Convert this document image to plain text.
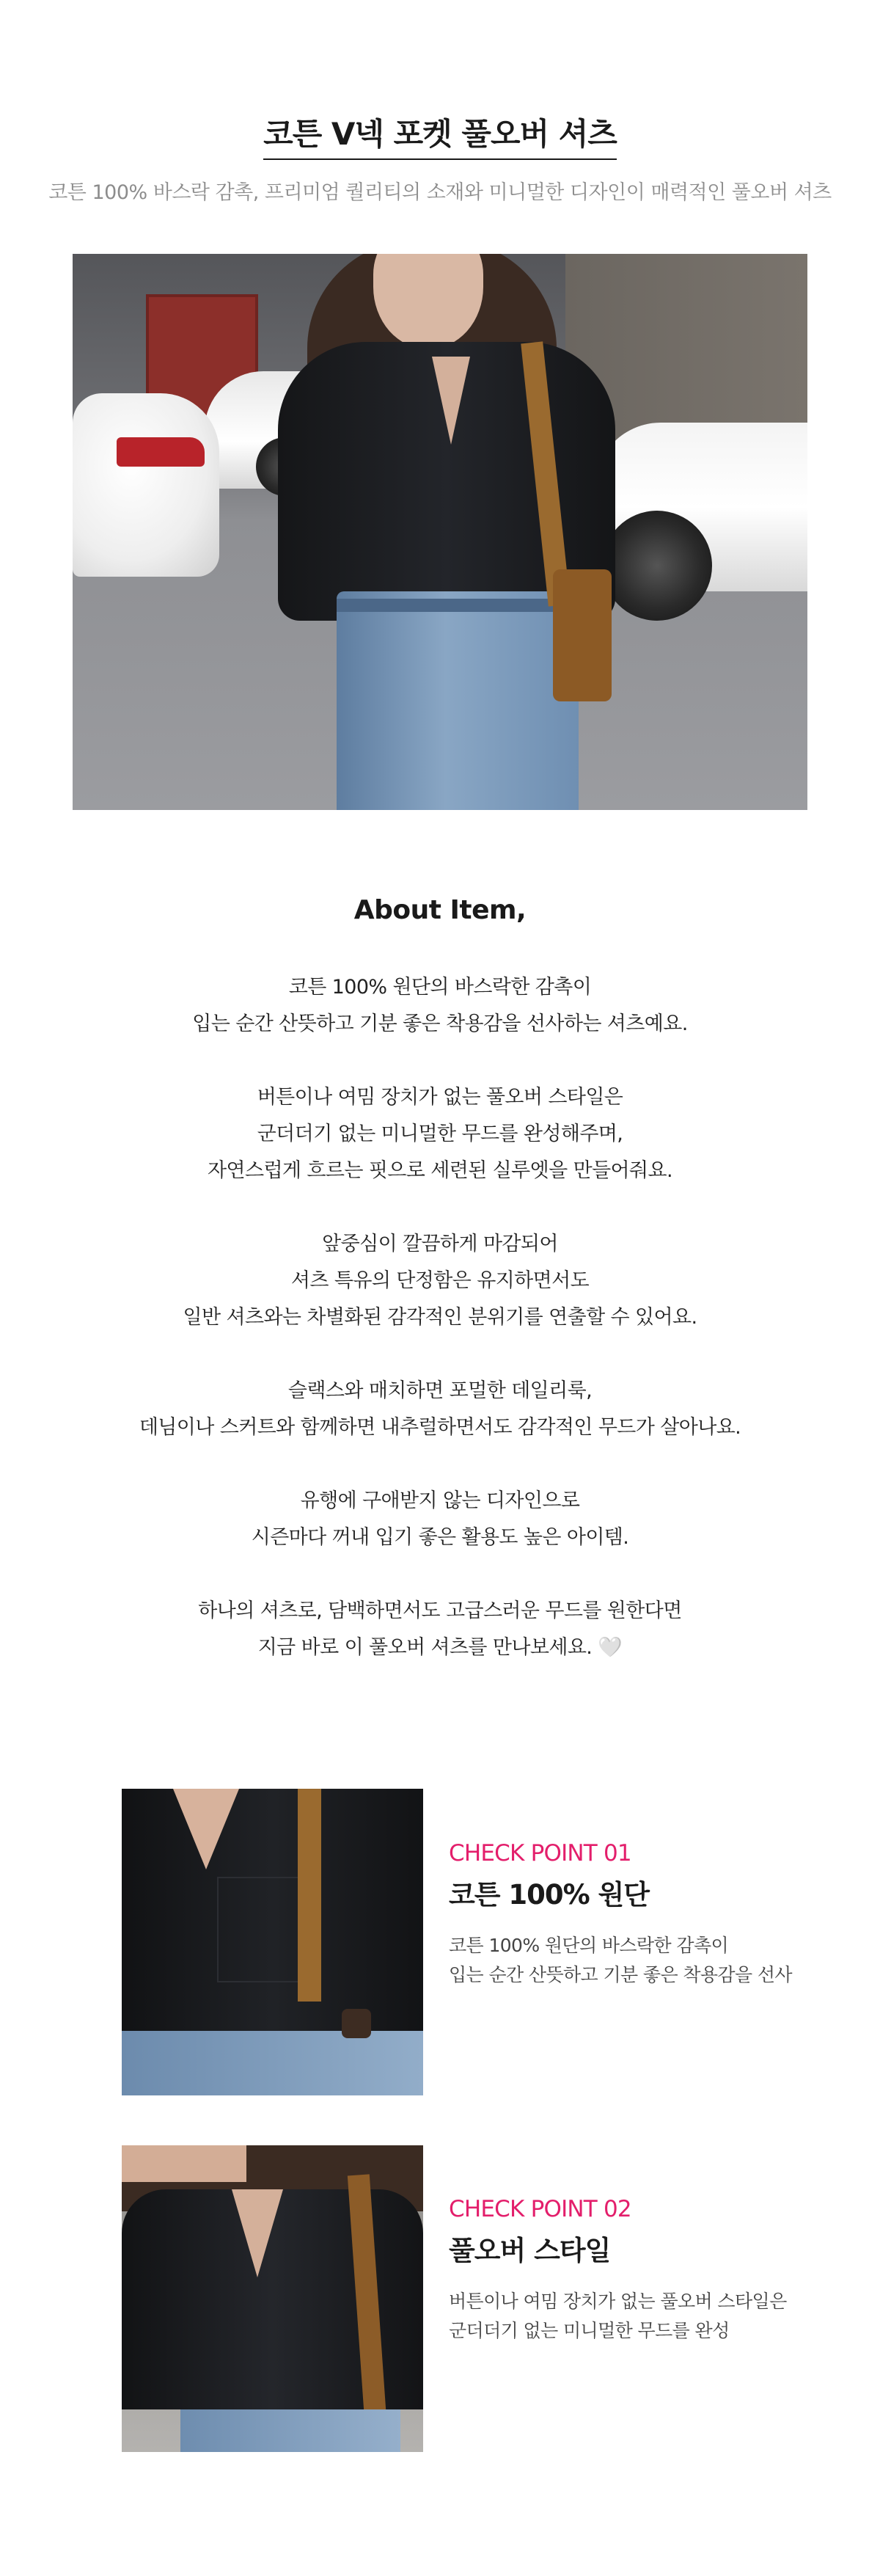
코튼 V넥 포켓 풀오버 셔츠
코튼 100% 바스락 감촉, 프리미엄 퀄리티의 소재와 미니멀한 디자인이 매력적인 풀오버 셔츠
About Item,

코튼 100% 원단의 바스락한 감촉이
입는 순간 산뜻하고 기분 좋은 착용감을 선사하는 셔츠예요.

버튼이나 여밈 장치가 없는 풀오버 스타일은
군더더기 없는 미니멀한 무드를 완성해주며,
자연스럽게 흐르는 핏으로 세련된 실루엣을 만들어줘요.

앞중심이 깔끔하게 마감되어
셔츠 특유의 단정함은 유지하면서도
일반 셔츠와는 차별화된 감각적인 분위기를 연출할 수 있어요.

슬랙스와 매치하면 포멀한 데일리룩,
데님이나 스커트와 함께하면 내추럴하면서도 감각적인 무드가 살아나요.

유행에 구애받지 않는 디자인으로
시즌마다 꺼내 입기 좋은 활용도 높은 아이템.

하나의 셔츠로, 담백하면서도 고급스러운 무드를 원한다면
지금 바로 이 풀오버 셔츠를 만나보세요. 🤍

CHECK POINT 01

코튼 100% 원단
코튼 100% 원단의 바스락한 감촉이
입는 순간 산뜻하고 기분 좋은 착용감을 선사

CHECK POINT 02

풀오버 스타일
버튼이나 여밈 장치가 없는 풀오버 스타일은
군더더기 없는 미니멀한 무드를 완성
